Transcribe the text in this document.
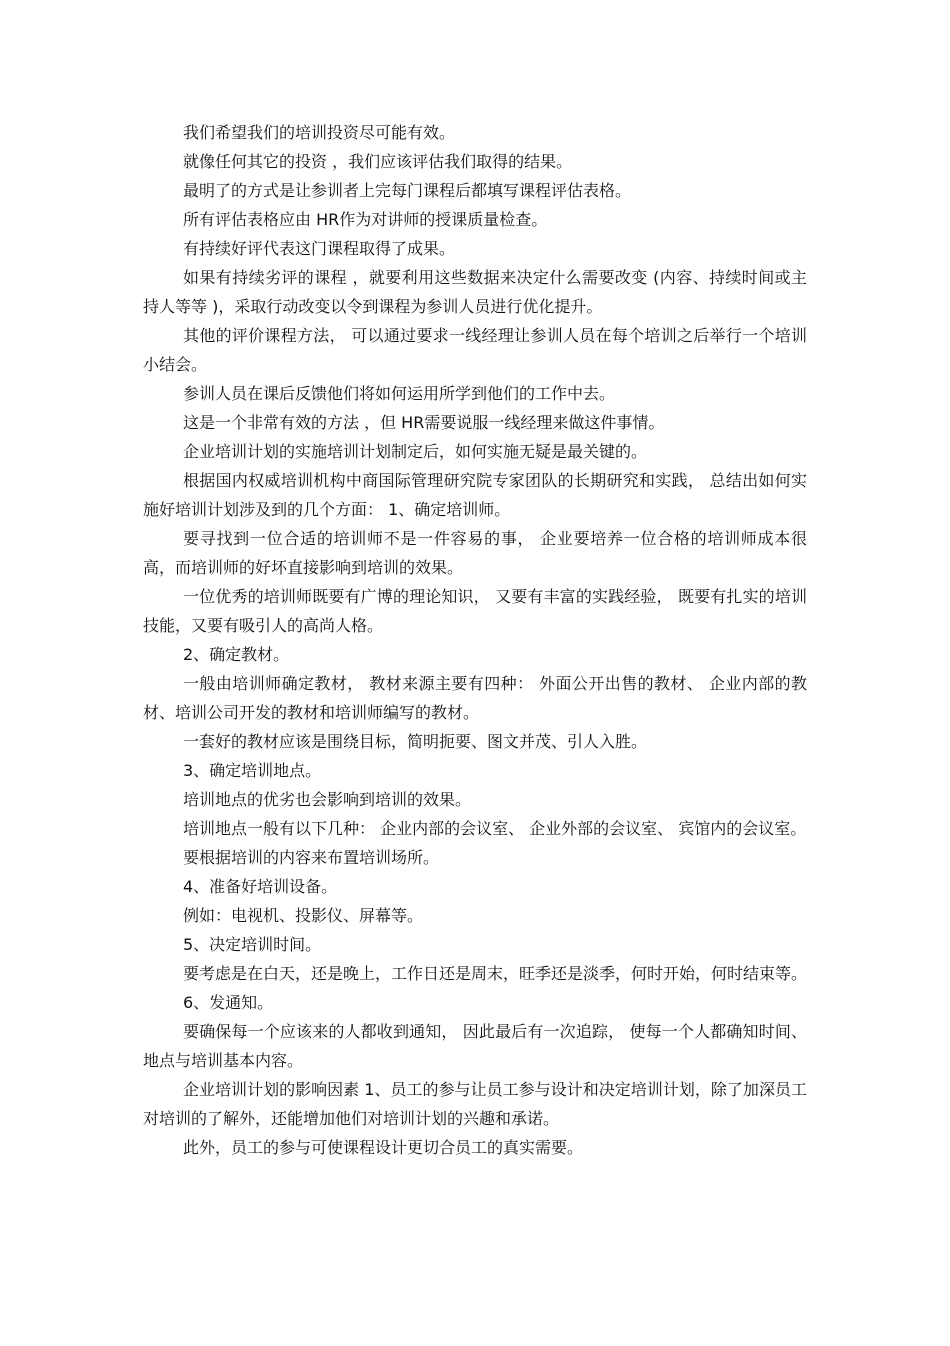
我们希望我们的培训投资尽可能有效。

就像任何其它的投资 ，我们应该评估我们取得的结果。

最明了的方式是让参训者上完每门课程后都填写课程评估表格。

所有评估表格应由 HR作为对讲师的授课质量检查。

有持续好评代表这门课程取得了成果。

如果有持续劣评的课程 ，就要利用这些数据来决定什么需要改变 (内容、持续时间或主持人等等 )，采取行动改变以令到课程为参训人员进行优化提升。

其他的评价课程方法， 可以通过要求一线经理让参训人员在每个培训之后举行一个培训小结会。

参训人员在课后反馈他们将如何运用所学到他们的工作中去。

这是一个非常有效的方法 ，但 HR需要说服一线经理来做这件事情。

企业培训计划的实施培训计划制定后，如何实施无疑是最关键的。

根据国内权威培训机构中商国际管理研究院专家团队的长期研究和实践， 总结出如何实施好培训计划涉及到的几个方面： 1、确定培训师。

要寻找到一位合适的培训师不是一件容易的事， 企业要培养一位合格的培训师成本很高，而培训师的好坏直接影响到培训的效果。

一位优秀的培训师既要有广博的理论知识， 又要有丰富的实践经验， 既要有扎实的培训技能，又要有吸引人的高尚人格。

2、确定教材。

一般由培训师确定教材， 教材来源主要有四种： 外面公开出售的教材、 企业内部的教材、培训公司开发的教材和培训师编写的教材。

一套好的教材应该是围绕目标，简明扼要、图文并茂、引人入胜。

3、确定培训地点。

培训地点的优劣也会影响到培训的效果。

培训地点一般有以下几种： 企业内部的会议室、 企业外部的会议室、 宾馆内的会议室。

要根据培训的内容来布置培训场所。

4、准备好培训设备。

例如：电视机、投影仪、屏幕等。

5、决定培训时间。

要考虑是在白天，还是晚上，工作日还是周末，旺季还是淡季，何时开始，何时结束等。

6、发通知。

要确保每一个应该来的人都收到通知， 因此最后有一次追踪， 使每一个人都确知时间、地点与培训基本内容。

企业培训计划的影响因素 1、员工的参与让员工参与设计和决定培训计划，除了加深员工对培训的了解外，还能增加他们对培训计划的兴趣和承诺。

此外，员工的参与可使课程设计更切合员工的真实需要。
